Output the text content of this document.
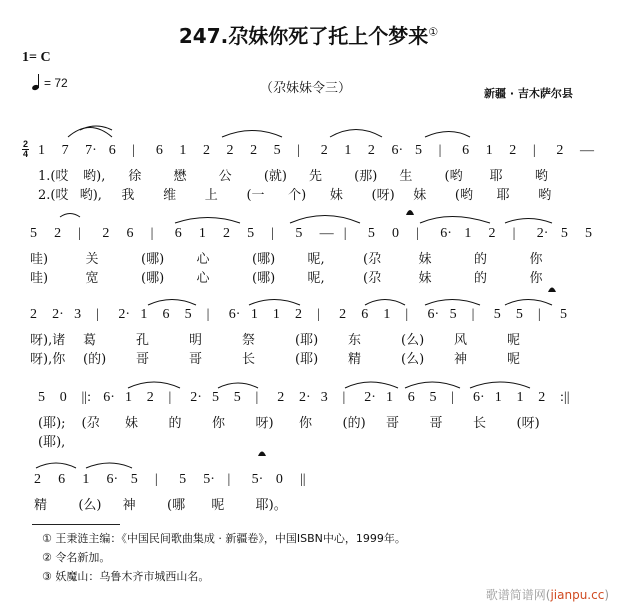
247.尕妹你死了托上个梦来①
1= C
= 72	（尕妹妹令三）	新疆 · 吉木萨尔县
2
4 1 7 7· 6 | 6 1 2 2 2 5 | 2 1 2 6· 5 | 6 1 2 | 2 —
1.(哎 哟), 徐 懋 公 (就) 先 (那) 生 (哟 耶 哟
2.(哎 哟), 我 维 上 (一 个) 妹 (呀) 妹 (哟 耶 哟
5 2 | 2 6 | 6 1 2 5 | 5 — | 5 0 | 6· 1 2 | 2· 5 5
哇)	关	(哪) 心	(哪) 呢,	(尕	妹	的	你
哇)	宽	(哪) 心	(哪) 呢,	(尕	妹	的	你
2 2· 3 | 2· 1 6 5 | 6· 1 1 2 | 2 6 1 | 6· 5 | 5 5 | 5
呀),诸 葛	孔	明	祭	(耶) 东	(么) 风	呢
呀),你 (的) 哥	哥	长	(耶) 精	(么) 神	呢
5 0 ||: 6· 1 2 | 2· 5 5 | 2 2· 3 | 2· 1 6 5 | 6· 1 1 2 :||
(耶); (尕 妹 的 你 呀) 你 (的) 哥 哥 长 (呀)
(耶),
2 6 1 6· 5 | 5 5· | 5· 0 ||
精 (么) 神 (哪 呢 耶)。
① 王秉涟主编：《中国民间歌曲集成 · 新疆卷》，中国ISBN中心，1999年。
② 令名新加。
③ 妖魔山：乌鲁木齐市城西山名。
歌谱简谱网(jianpu.cc)
